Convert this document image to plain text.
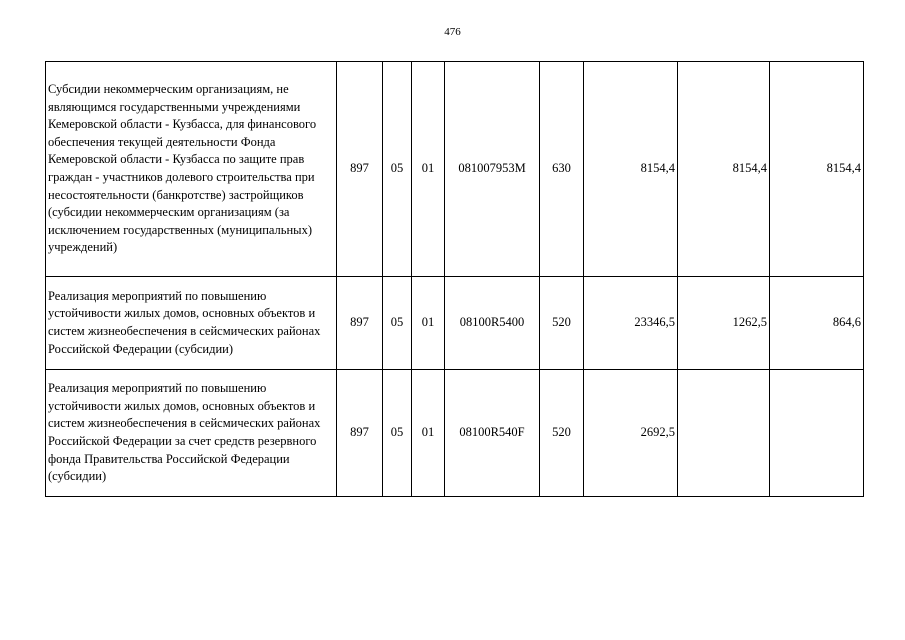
476
Субсидии некоммерческим организациям, не являющимся государственными учреждениями Кемеровской области - Кузбасса, для финансового обеспечения текущей деятельности Фонда Кемеровской области - Кузбасса по защите прав граждан - участников долевого строительства при несостоятельности (банкротстве) застройщиков (субсидии некоммерческим организациям (за исключением государственных (муниципальных) учреждений)	897	05	01	081007953М	630	8154,4	8154,4	8154,4
Реализация мероприятий по повышению устойчивости жилых домов, основных объектов и систем жизнеобеспечения в сейсмических районах Российской Федерации (субсидии)	897	05	01	08100R5400	520	23346,5	1262,5	864,6
Реализация мероприятий по повышению устойчивости жилых домов, основных объектов и систем жизнеобеспечения в сейсмических районах Российской Федерации за счет средств резервного фонда Правительства Российской Федерации (субсидии)	897	05	01	08100R540F	520	2692,5		
